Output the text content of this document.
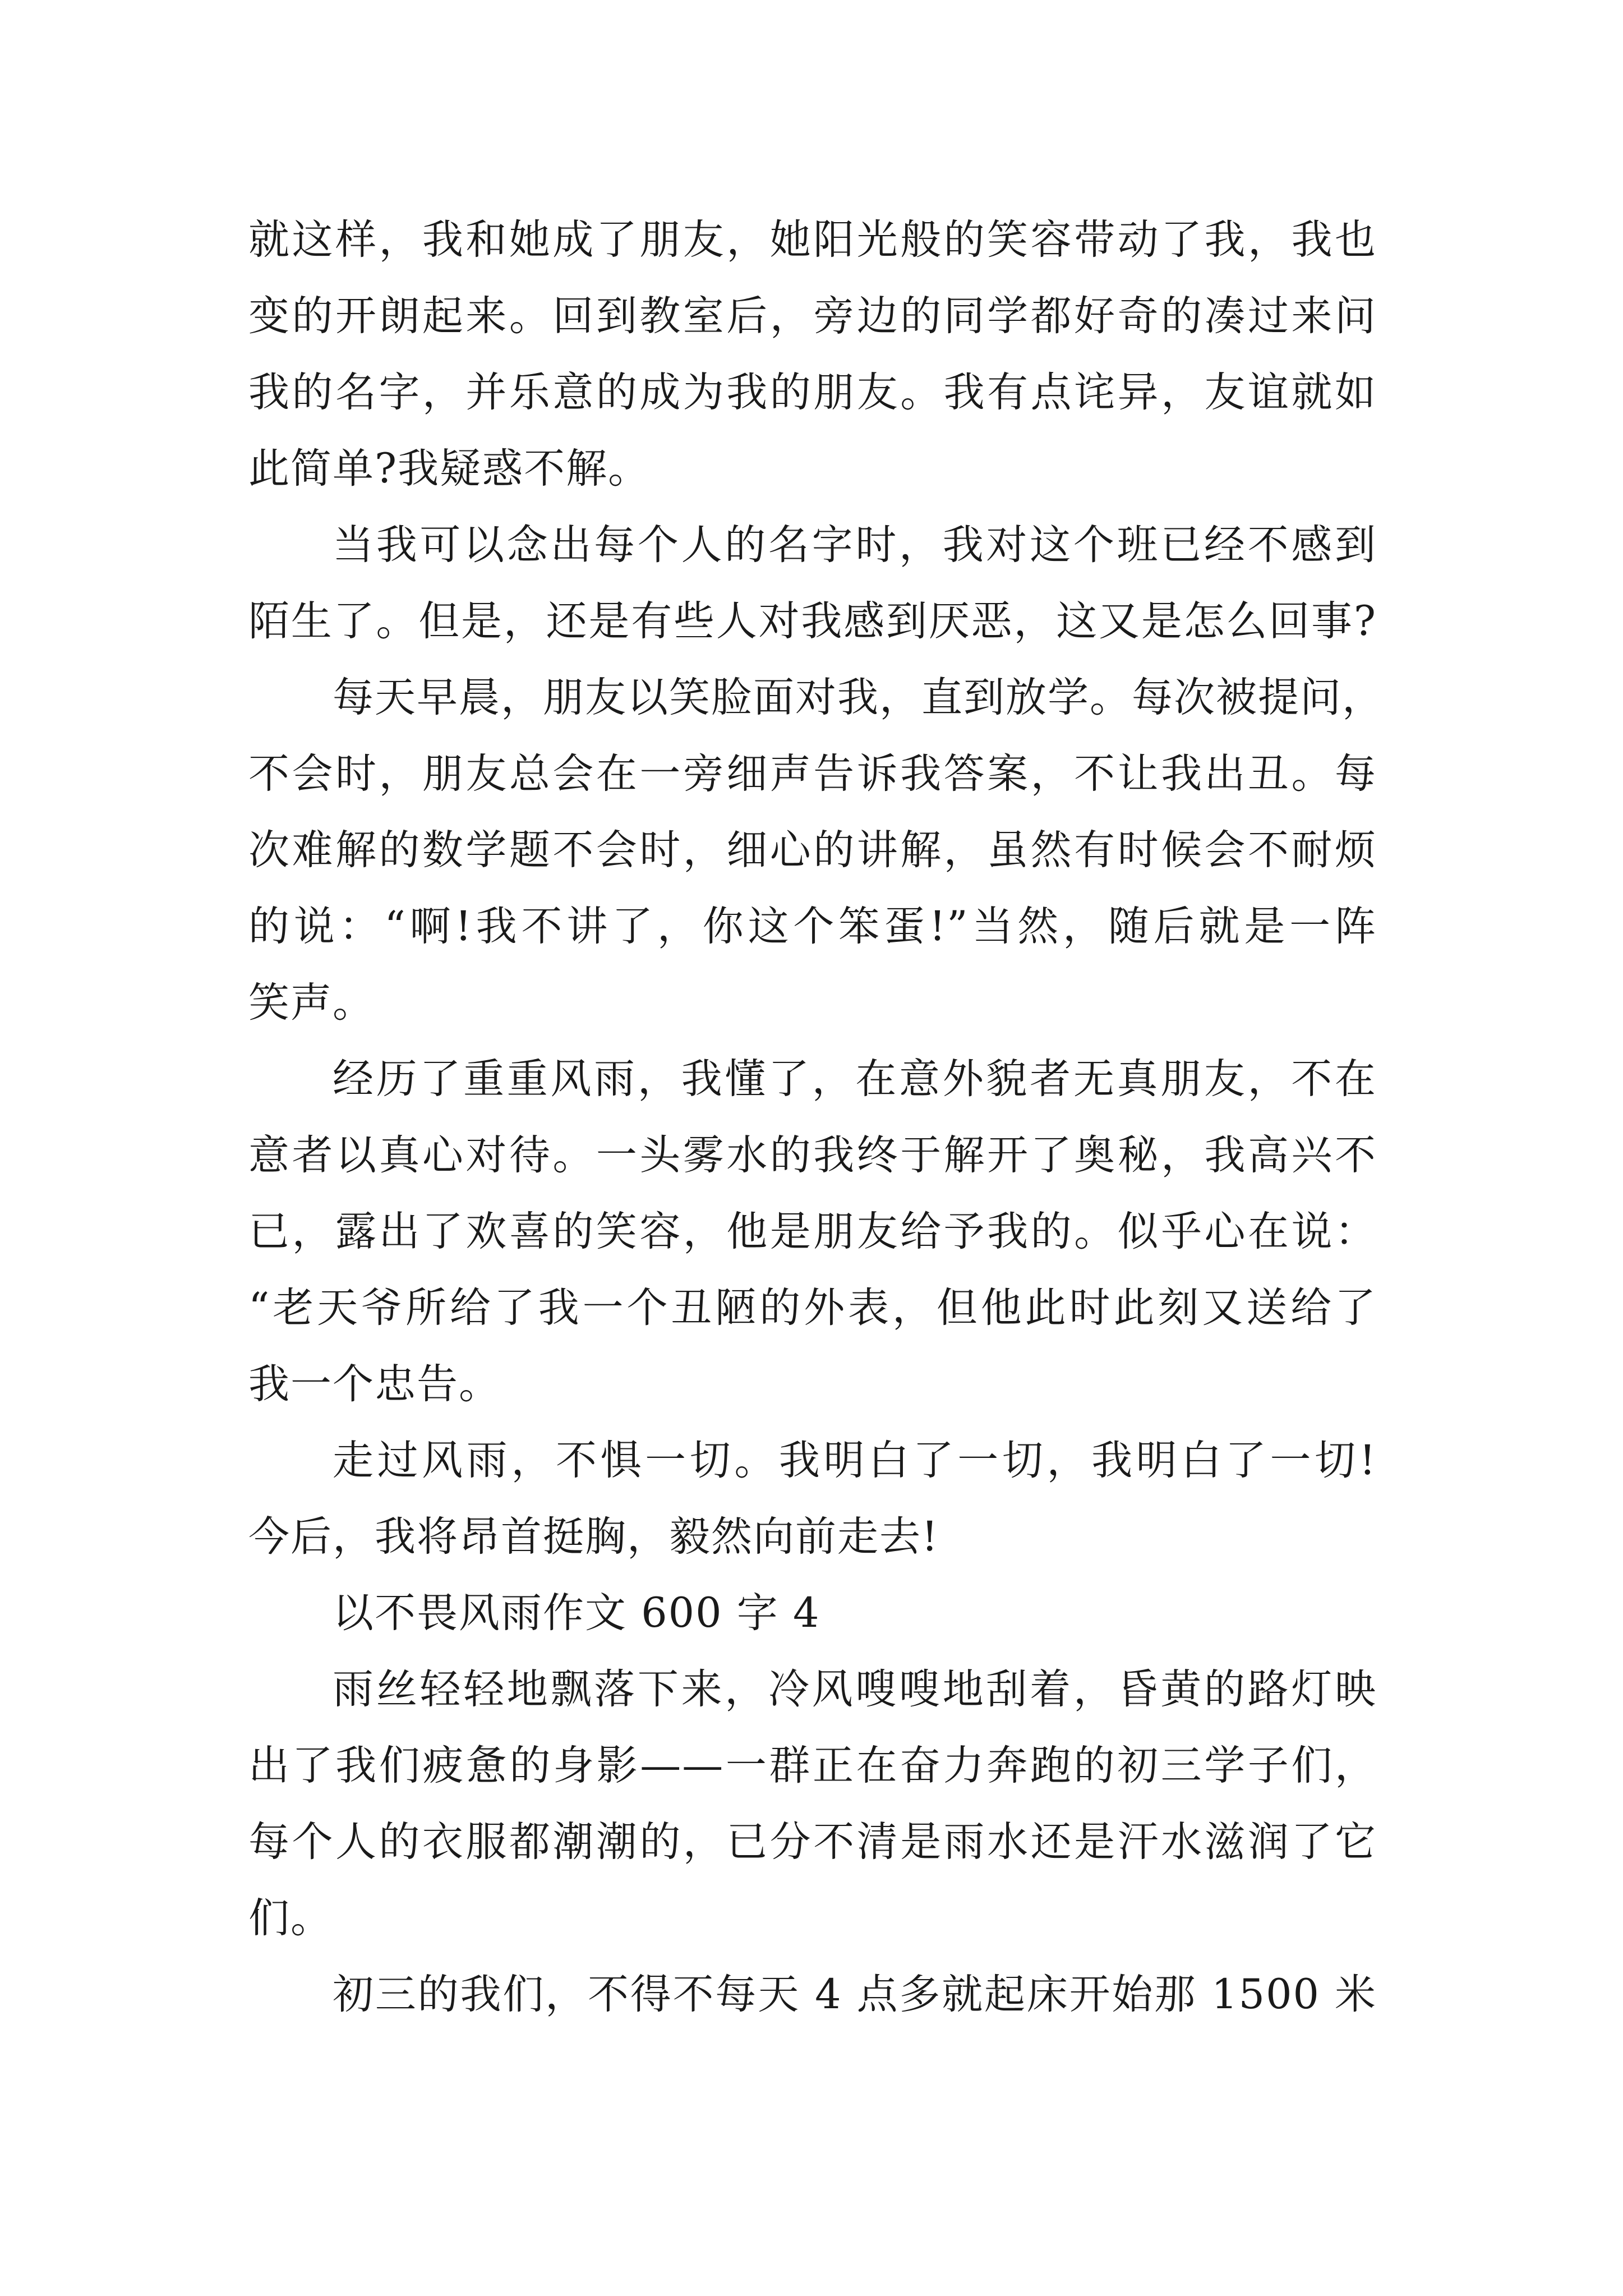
就这样，我和她成了朋友，她阳光般的笑容带动了我，我也
变的开朗起来。回到教室后，旁边的同学都好奇的凑过来问
我的名字，并乐意的成为我的朋友。我有点诧异，友谊就如
此简单?我疑惑不解。
当我可以念出每个人的名字时，我对这个班已经不感到
陌生了。但是，还是有些人对我感到厌恶，这又是怎么回事?
每天早晨，朋友以笑脸面对我，直到放学。每次被提问，
不会时，朋友总会在一旁细声告诉我答案，不让我出丑。每
次难解的数学题不会时，细心的讲解，虽然有时候会不耐烦
的说：“啊!我不讲了，你这个笨蛋!”当然，随后就是一阵
笑声。
经历了重重风雨，我懂了，在意外貌者无真朋友，不在
意者以真心对待。一头雾水的我终于解开了奥秘，我高兴不
已，露出了欢喜的笑容，他是朋友给予我的。似乎心在说：
“老天爷所给了我一个丑陋的外表，但他此时此刻又送给了
我一个忠告。
走过风雨，不惧一切。我明白了一切，我明白了一切!
今后，我将昂首挺胸，毅然向前走去!
以不畏风雨作文 600 字 4
雨丝轻轻地飘落下来，冷风嗖嗖地刮着，昏黄的路灯映
出了我们疲惫的身影——一群正在奋力奔跑的初三学子们，
每个人的衣服都潮潮的，已分不清是雨水还是汗水滋润了它
们。
初三的我们，不得不每天 4 点多就起床开始那 1500 米
